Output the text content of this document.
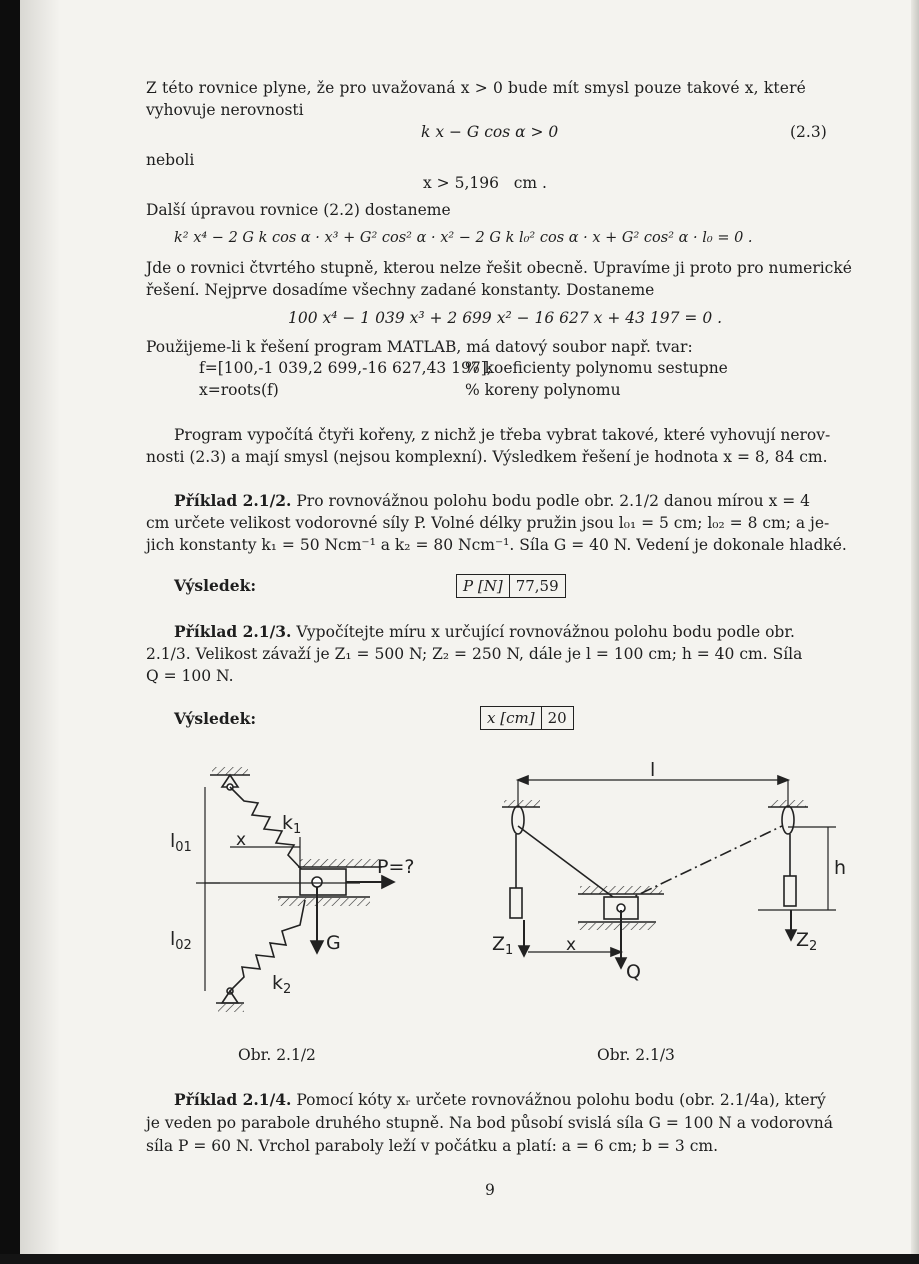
Z této rovnice plyne, že pro uvažovaná x > 0 bude mít smysl pouze takové x, které
vyhovuje nerovnosti
k x − G cos α > 0	(2.3)
neboli
x > 5,196   cm .
Další úpravou rovnice (2.2) dostaneme
k² x⁴ − 2 G k cos α · x³ + G² cos² α · x² − 2 G k l₀² cos α · x + G² cos² α · l₀ = 0 .
Jde o rovnici čtvrtého stupně, kterou nelze řešit obecně. Upravíme ji proto pro numerické
řešení. Nejprve dosadíme všechny zadané konstanty. Dostaneme
100 x⁴ − 1 039 x³ + 2 699 x² − 16 627 x + 43 197 = 0 .
Použijeme-li k řešení program MATLAB, má datový soubor např. tvar:
f=[100,-1 039,2 699,-16 627,43 197];
% koeficienty polynomu sestupne
x=roots(f)	% koreny polynomu
Program vypočítá čtyři kořeny, z nichž je třeba vybrat takové, které vyhovují nerov-
nosti (2.3) a mají smysl (nejsou komplexní). Výsledkem řešení je hodnota x = 8, 84 cm.
Příklad 2.1/2. Pro rovnovážnou polohu bodu podle obr. 2.1/2 danou mírou x = 4
cm určete velikost vodorovné síly P. Volné délky pružin jsou l₀₁ = 5 cm; l₀₂ = 8 cm; a je-
jich konstanty k₁ = 50 Ncm⁻¹ a k₂ = 80 Ncm⁻¹. Síla G = 40 N. Vedení je dokonale hladké.
Výsledek:	P [N] 77,59
Příklad 2.1/3. Vypočítejte míru x určující rovnovážnou polohu bodu podle obr.
2.1/3. Velikost závaží je Z₁ = 500 N; Z₂ = 250 N, dále je l = 100 cm; h = 40 cm. Síla
Q = 100 N.
Výsledek:	x [cm] 20
$k_1$
$k_2$
x
$l_{01}$
$l_{02}$
P=?
G
Obr. 2.1/2
l
h
x
$Z_1$	$Z_2$
Q
Obr. 2.1/3
Příklad 2.1/4. Pomocí kóty xᵣ určete rovnovážnou polohu bodu (obr. 2.1/4a), který
je veden po parabole druhého stupně. Na bod působí svislá síla G = 100 N a vodorovná
síla P = 60 N. Vrchol paraboly leží v počátku a platí: a = 6 cm; b = 3 cm.
9
